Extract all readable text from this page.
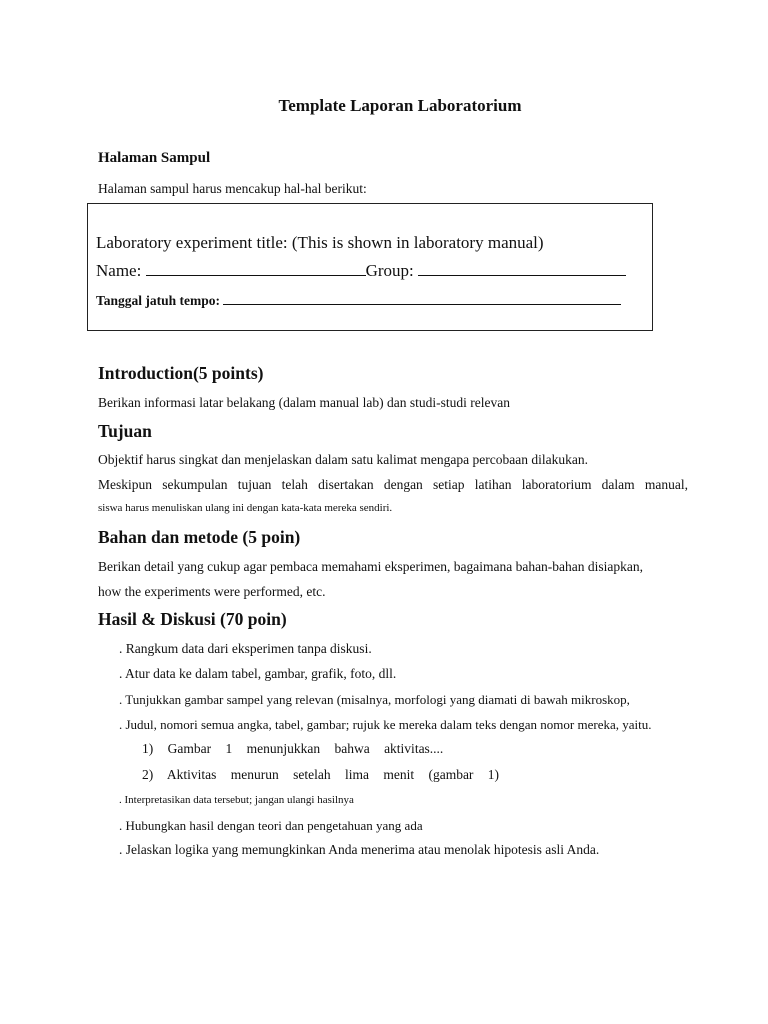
Template Laporan Laboratorium
Halaman Sampul
Halaman sampul harus mencakup hal-hal berikut:
Laboratory experiment title: (This is shown in laboratory manual)
Name:	Group:
Tanggal jatuh tempo:
Introduction(5 points)
Berikan informasi latar belakang (dalam manual lab) dan studi-studi relevan
Tujuan
Objektif harus singkat dan menjelaskan dalam satu kalimat mengapa percobaan dilakukan.
Meskipun sekumpulan tujuan telah disertakan dengan setiap latihan laboratorium dalam manual,
siswa harus menuliskan ulang ini dengan kata-kata mereka sendiri.
Bahan dan metode (5 poin)
Berikan detail yang cukup agar pembaca memahami eksperimen, bagaimana bahan-bahan disiapkan,
how the experiments were performed, etc.
Hasil & Diskusi (70 poin)
. Rangkum data dari eksperimen tanpa diskusi.
. Atur data ke dalam tabel, gambar, grafik, foto, dll.
. Tunjukkan gambar sampel yang relevan (misalnya, morfologi yang diamati di bawah mikroskop,
. Judul, nomori semua angka, tabel, gambar; rujuk ke mereka dalam teks dengan nomor mereka, yaitu.
1) Gambar 1 menunjukkan bahwa aktivitas....
2) Aktivitas menurun setelah lima menit (gambar 1)
. Interpretasikan data tersebut; jangan ulangi hasilnya
. Hubungkan hasil dengan teori dan pengetahuan yang ada
. Jelaskan logika yang memungkinkan Anda menerima atau menolak hipotesis asli Anda.
